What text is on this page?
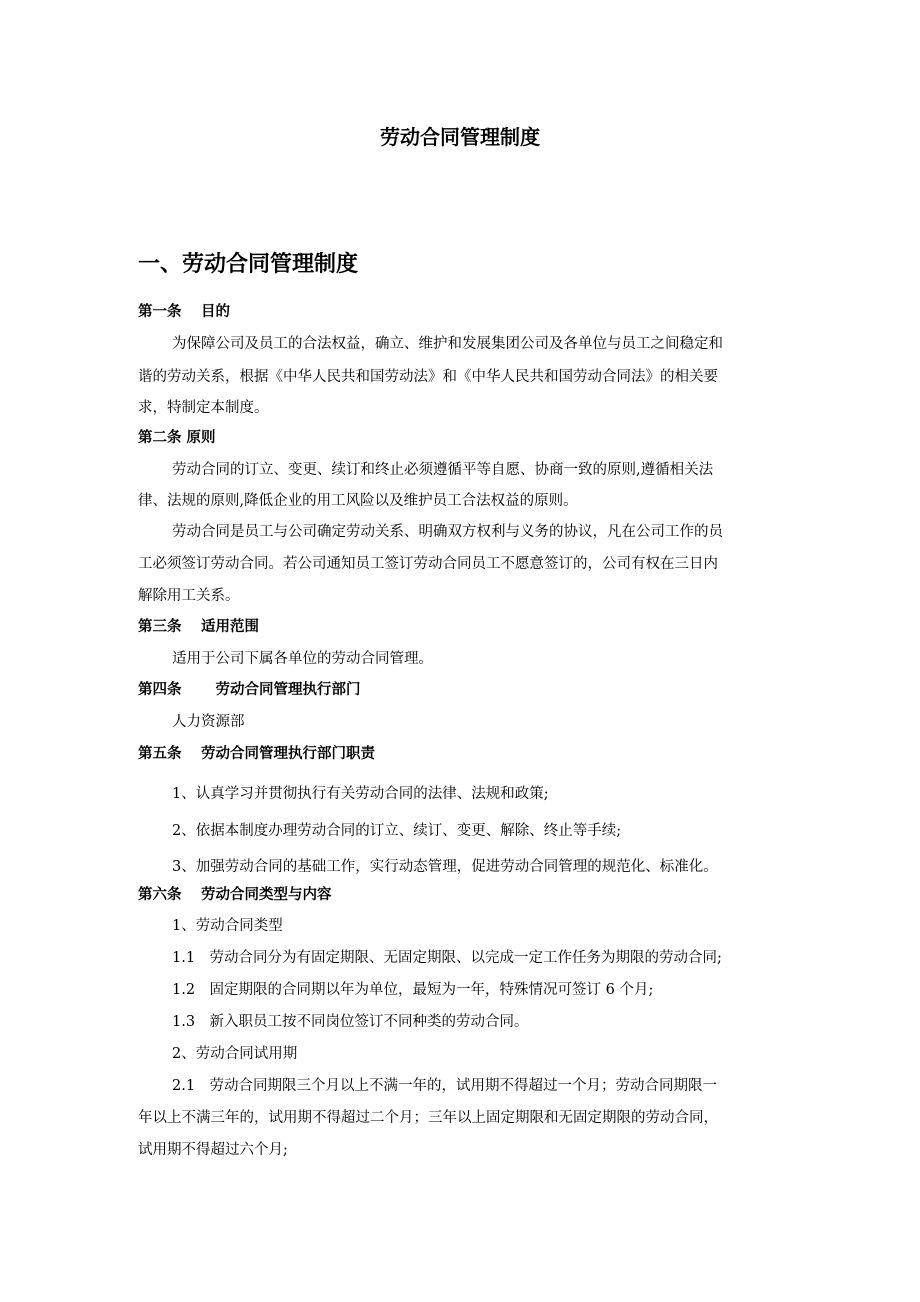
劳动合同管理制度
一、劳动合同管理制度
第一条　 目的
为保障公司及员工的合法权益，确立、维护和发展集团公司及各单位与员工之间稳定和
谐的劳动关系，根据《中华人民共和国劳动法》和《中华人民共和国劳动合同法》的相关要
求，特制定本制度。
第二条 原则
劳动合同的订立、变更、续订和终止必须遵循平等自愿、协商一致的原则,遵循相关法
律、法规的原则,降低企业的用工风险以及维护员工合法权益的原则。
劳动合同是员工与公司确定劳动关系、明确双方权利与义务的协议，凡在公司工作的员
工必须签订劳动合同。若公司通知员工签订劳动合同员工不愿意签订的，公司有权在三日内
解除用工关系。
第三条　 适用范围
适用于公司下属各单位的劳动合同管理。
第四条　　 劳动合同管理执行部门
人力资源部
第五条　 劳动合同管理执行部门职责
1、认真学习并贯彻执行有关劳动合同的法律、法规和政策;
2、依据本制度办理劳动合同的订立、续订、变更、解除、终止等手续;
3、加强劳动合同的基础工作，实行动态管理，促进劳动合同管理的规范化、标准化。
第六条　 劳动合同类型与内容
1、劳动合同类型
1.1　劳动合同分为有固定期限、无固定期限、以完成一定工作任务为期限的劳动合同;
1.2　固定期限的合同期以年为单位，最短为一年，特殊情况可签订 6 个月;
1.3　新入职员工按不同岗位签订不同种类的劳动合同。
2、劳动合同试用期
2.1　劳动合同期限三个月以上不满一年的，试用期不得超过一个月；劳动合同期限一
年以上不满三年的，试用期不得超过二个月；三年以上固定期限和无固定期限的劳动合同，
试用期不得超过六个月;
